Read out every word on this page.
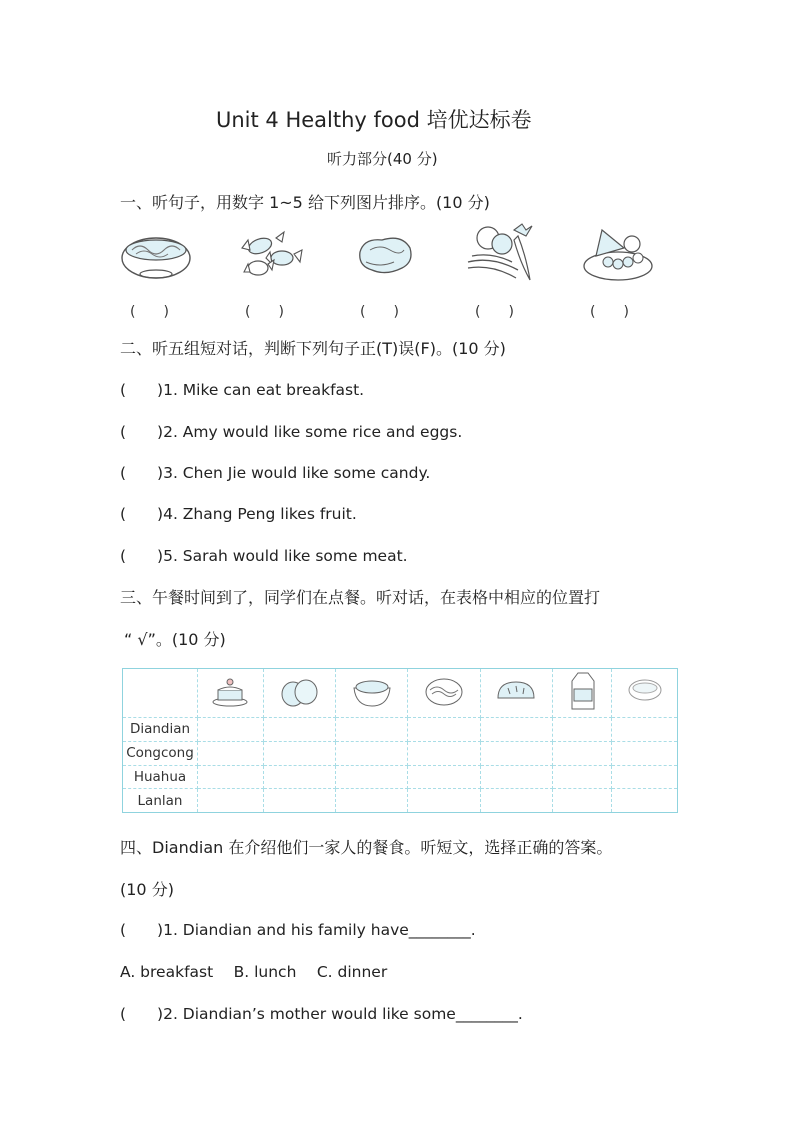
Unit 4 Healthy food 培优达标卷
听力部分(40 分)
一、听句子，用数字 1~5 给下列图片排序。(10 分)
(　　)	(　　)	(　　)	(　　)	(　　)
二、听五组短对话，判断下列句子正(T)误(F)。(10 分)
(　　)1. Mike can eat breakfast.
(　　)2. Amy would like some rice and eggs.
(　　)3. Chen Jie would like some candy.
(　　)4. Zhang Peng likes fruit.
(　　)5. Sarah would like some meat.
三、午餐时间到了，同学们在点餐。听对话，在表格中相应的位置打
“ √”。(10 分)

Diandian							
Congcong							
Huahua							
Lanlan							
四、Diandian 在介绍他们一家人的餐食。听短文，选择正确的答案。
(10 分)
(　　)1. Diandian and his family have________.
A. breakfast　 B. lunch　 C. dinner
(　　)2. Diandian’s mother would like some________.
